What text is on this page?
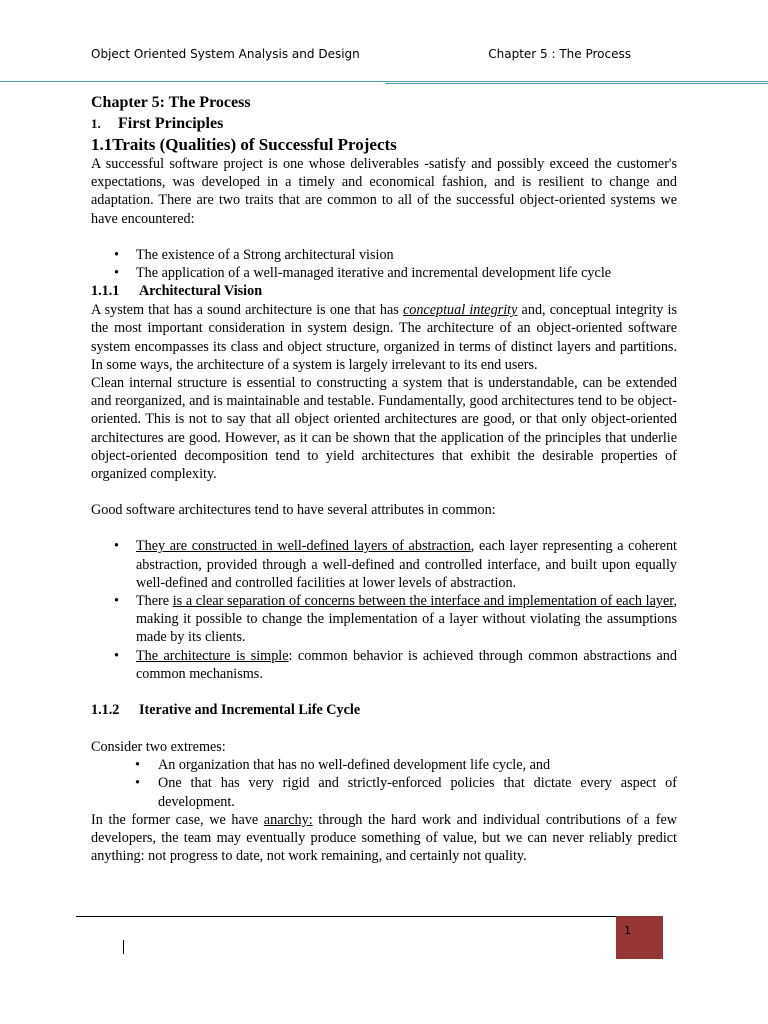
Object Oriented System Analysis and Design	Chapter 5 : The Process

Chapter 5: The Process

1. First Principles

1.1Traits (Qualities) of Successful Projects

A successful software project is one whose deliverables -satisfy and possibly exceed the customer's expectations, was developed in a timely and economical fashion, and is resilient to change and adaptation. There are two traits that are common to all of the successful object-oriented systems we have encountered:

• The existence of a Strong architectural vision
• The application of a well-managed iterative and incremental development life cycle

1.1.1 Architectural Vision

A system that has a sound architecture is one that has conceptual integrity and, conceptual integrity is the most important consideration in system design. The architecture of an object-oriented software system encompasses its class and object structure, organized in terms of distinct layers and partitions. In some ways, the architecture of a system is largely irrelevant to its end users.

Clean internal structure is essential to constructing a system that is understandable, can be extended and reorganized, and is maintainable and testable. Fundamentally, good architectures tend to be object-oriented. This is not to say that all object oriented architectures are good, or that only object-oriented architectures are good. However, as it can be shown that the application of the principles that underlie object-oriented decomposition tend to yield architectures that exhibit the desirable properties of organized complexity.

Good software architectures tend to have several attributes in common:

• They are constructed in well-defined layers of abstraction, each layer representing a coherent abstraction, provided through a well-defined and controlled interface, and built upon equally well-defined and controlled facilities at lower levels of abstraction.
• There is a clear separation of concerns between the interface and implementation of each layer, making it possible to change the implementation of a layer without violating the assumptions made by its clients.
• The architecture is simple: common behavior is achieved through common abstractions and common mechanisms.

1.1.2 Iterative and Incremental Life Cycle

Consider two extremes:

• An organization that has no well-defined development life cycle, and
• One that has very rigid and strictly-enforced policies that dictate every aspect of development.

In the former case, we have anarchy: through the hard work and individual contributions of a few developers, the team may eventually produce something of value, but we can never reliably predict anything: not progress to date, not work remaining, and certainly not quality.

1
